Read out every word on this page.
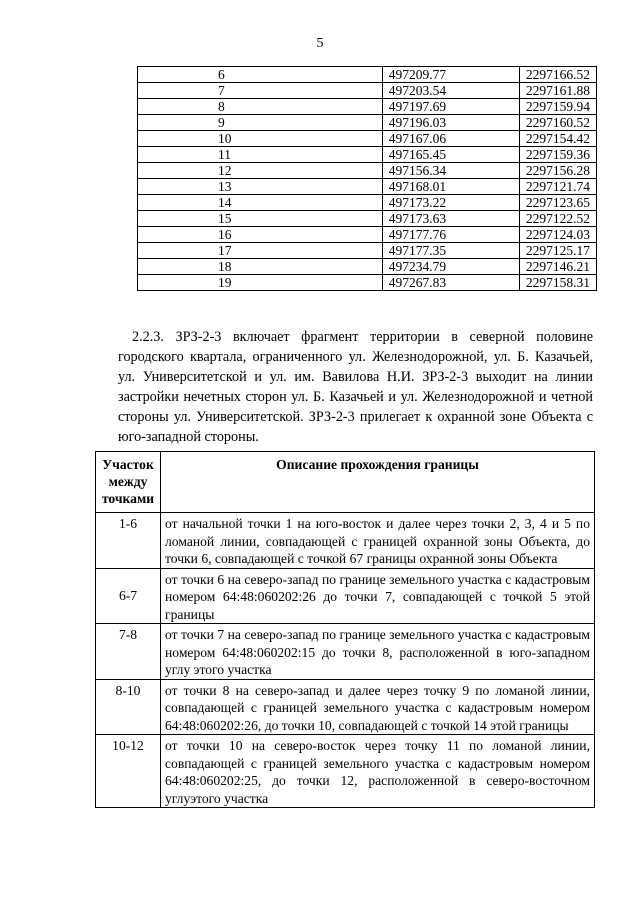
5
6	497209.77	2297166.52
7	497203.54	2297161.88
8	497197.69	2297159.94
9	497196.03	2297160.52
10	497167.06	2297154.42
11	497165.45	2297159.36
12	497156.34	2297156.28
13	497168.01	2297121.74
14	497173.22	2297123.65
15	497173.63	2297122.52
16	497177.76	2297124.03
17	497177.35	2297125.17
18	497234.79	2297146.21
19	497267.83	2297158.31

2.2.3. ЗРЗ-2-3 включает фрагмент территории в северной половине городского квартала, ограниченного ул. Железнодорожной, ул. Б. Казачьей, ул. Университетской и ул. им. Вавилова Н.И. ЗРЗ-2-3 выходит на линии застройки нечетных сторон ул. Б. Казачьей и ул. Железнодорожной и четной стороны ул. Университетской. ЗРЗ-2-3 прилегает к охранной зоне Объекта с юго-западной стороны.

Участок между точками	Описание прохождения границы
1-6	от начальной точки 1 на юго-восток и далее через точки 2, 3, 4 и 5 по ломаной линии, совпадающей с границей охранной зоны Объекта, до точки 6, совпадающей с точкой 67 границы охранной зоны Объекта
6-7	от точки 6 на северо-запад по границе земельного участка с кадастровым номером 64:48:060202:26 до точки 7, совпадающей с точкой 5 этой границы
7-8	от точки 7 на северо-запад по границе земельного участка с кадастровым номером 64:48:060202:15 до точки 8, расположенной в юго-западном углу этого участка
8-10	от точки 8 на северо-запад и далее через точку 9 по ломаной линии, совпадающей с границей земельного участка с кадастровым номером 64:48:060202:26, до точки 10, совпадающей с точкой 14 этой границы
10-12	от точки 10 на северо-восток через точку 11 по ломаной линии, совпадающей с границей земельного участка с кадастровым номером 64:48:060202:25, до точки 12, расположенной в северо-восточном углуэтого участка
